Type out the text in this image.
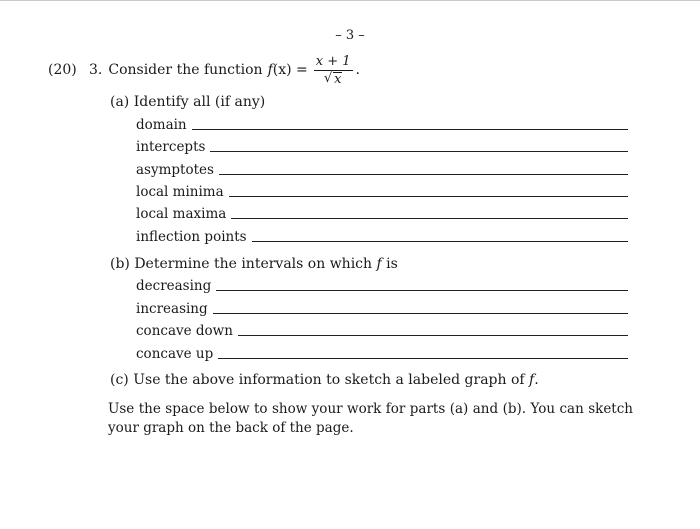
– 3 –
(20) 3. Consider the function f $(x) = \frac{x + 1}{√ x}$ .
(a) Identify all (if any)
domain
intercepts
asymptotes
local minima
local maxima
inflection points
(b) Determine the intervals on which f is
decreasing
increasing
concave down
concave up
(c) Use the above information to sketch a labeled graph of f.
Use the space below to show your work for parts (a) and (b). You can sketch your graph on the back of the page.
